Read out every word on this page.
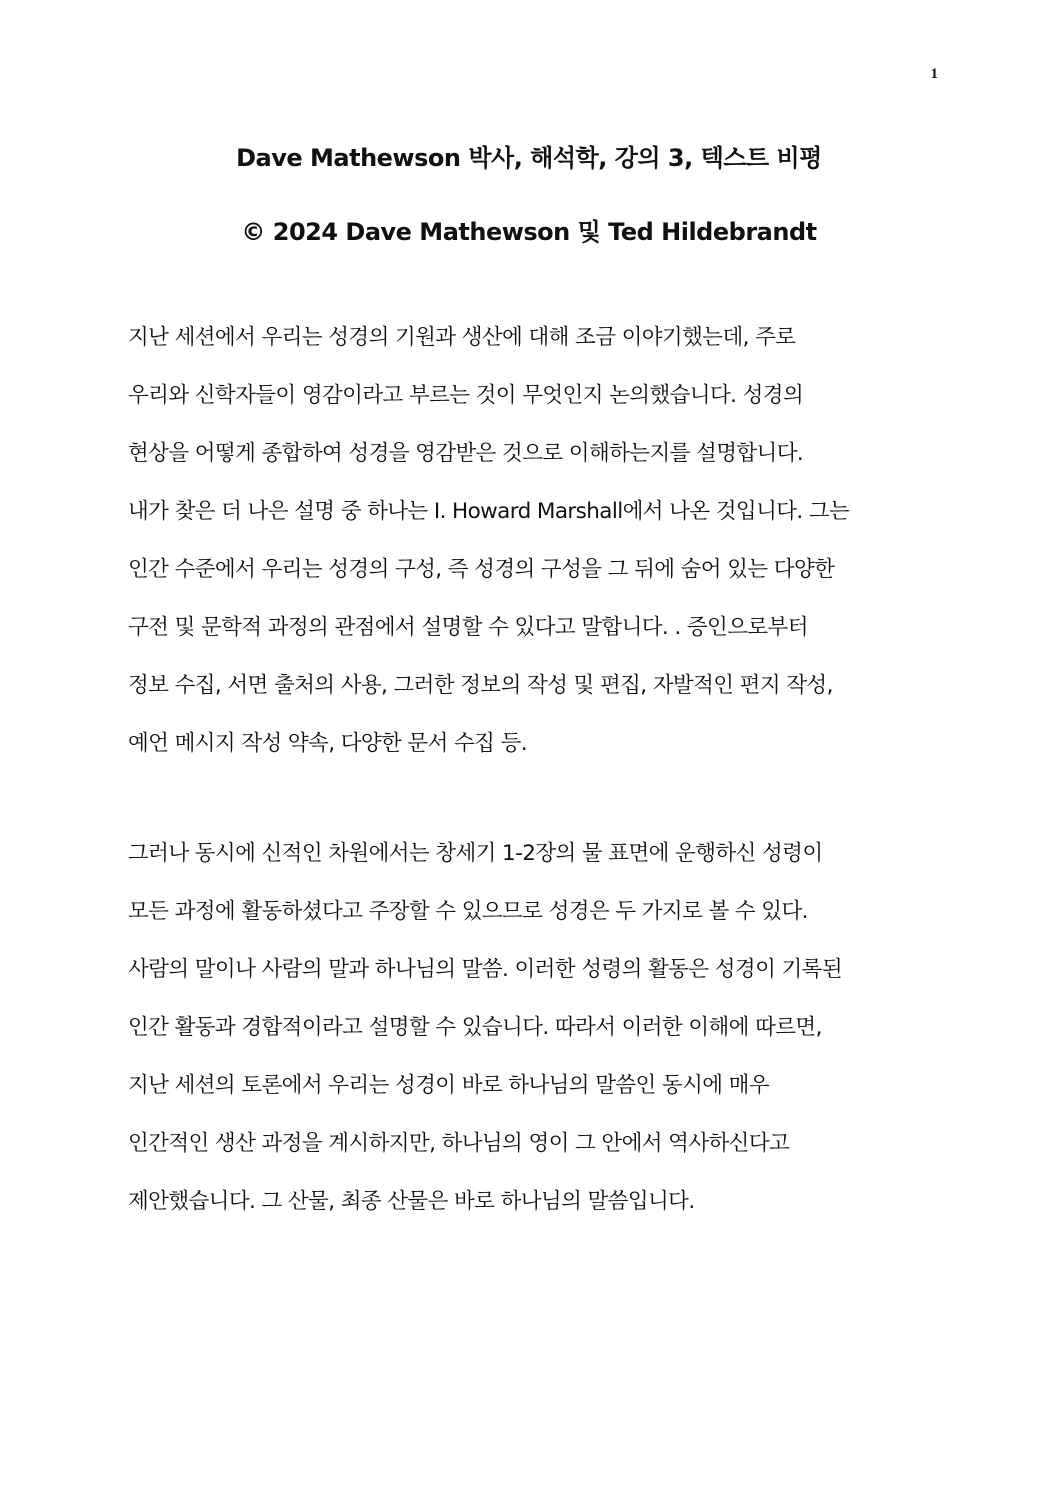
1
Dave Mathewson 박사, 해석학, 강의 3, 텍스트 비평
© 2024 Dave Mathewson 및 Ted Hildebrandt
지난 세션에서 우리는 성경의 기원과 생산에 대해 조금 이야기했는데, 주로
우리와 신학자들이 영감이라고 부르는 것이 무엇인지 논의했습니다. 성경의
현상을 어떻게 종합하여 성경을 영감받은 것으로 이해하는지를 설명합니다.
내가 찾은 더 나은 설명 중 하나는 I. Howard Marshall에서 나온 것입니다. 그는
인간 수준에서 우리는 성경의 구성, 즉 성경의 구성을 그 뒤에 숨어 있는 다양한
구전 및 문학적 과정의 관점에서 설명할 수 있다고 말합니다. . 증인으로부터
정보 수집, 서면 출처의 사용, 그러한 정보의 작성 및 편집, 자발적인 편지 작성,
예언 메시지 작성 약속, 다양한 문서 수집 등.
그러나 동시에 신적인 차원에서는 창세기 1-2장의 물 표면에 운행하신 성령이
모든 과정에 활동하셨다고 주장할 수 있으므로 성경은 두 가지로 볼 수 있다.
사람의 말이나 사람의 말과 하나님의 말씀. 이러한 성령의 활동은 성경이 기록된
인간 활동과 경합적이라고 설명할 수 있습니다. 따라서 이러한 이해에 따르면,
지난 세션의 토론에서 우리는 성경이 바로 하나님의 말씀인 동시에 매우
인간적인 생산 과정을 계시하지만, 하나님의 영이 그 안에서 역사하신다고
제안했습니다. 그 산물, 최종 산물은 바로 하나님의 말씀입니다.
